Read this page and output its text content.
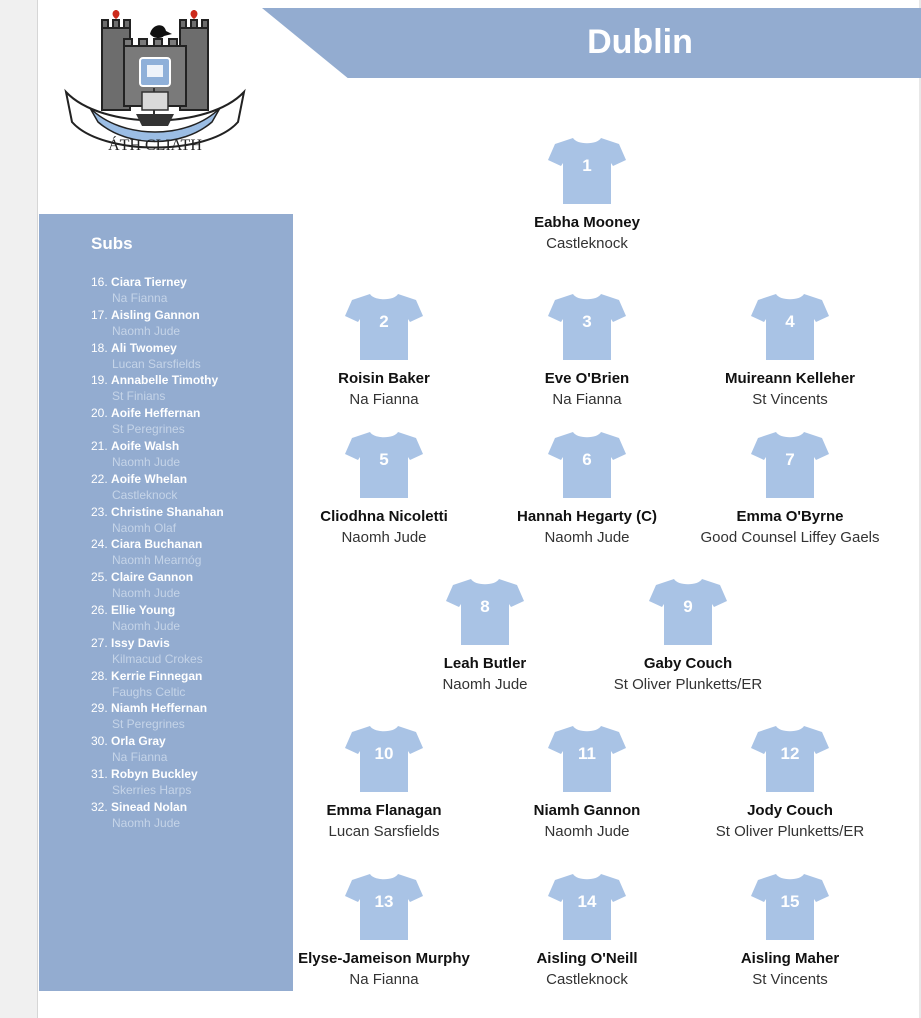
ÁTH CLIATH
Dublin
Subs
16. Ciara Tierney
Na Fianna
17. Aisling Gannon
Naomh Jude
18. Ali Twomey
Lucan Sarsfields
19. Annabelle Timothy
St Finians
20. Aoife Heffernan
St Peregrines
21. Aoife Walsh
Naomh Jude
22. Aoife Whelan
Castleknock
23. Christine Shanahan
Naomh Olaf
24. Ciara Buchanan
Naomh Mearnóg
25. Claire Gannon
Naomh Jude
26. Ellie Young
Naomh Jude
27. Issy Davis
Kilmacud Crokes
28. Kerrie Finnegan
Faughs Celtic
29. Niamh Heffernan
St Peregrines
30. Orla Gray
Na Fianna
31. Robyn Buckley
Skerries Harps
32. Sinead Nolan
Naomh Jude
1
Eabha Mooney
Castleknock
2
Roisin Baker
Na Fianna
3
Eve O'Brien
Na Fianna
4
Muireann Kelleher
St Vincents
5
Cliodhna Nicoletti
Naomh Jude
6
Hannah Hegarty (C)
Naomh Jude
7
Emma O'Byrne
Good Counsel Liffey Gaels
8
Leah Butler
Naomh Jude
9
Gaby Couch
St Oliver Plunketts/ER
10
Emma Flanagan
Lucan Sarsfields
11
Niamh Gannon
Naomh Jude
12
Jody Couch
St Oliver Plunketts/ER
13
Elyse-Jameison Murphy
Na Fianna
14
Aisling O'Neill
Castleknock
15
Aisling Maher
St Vincents
